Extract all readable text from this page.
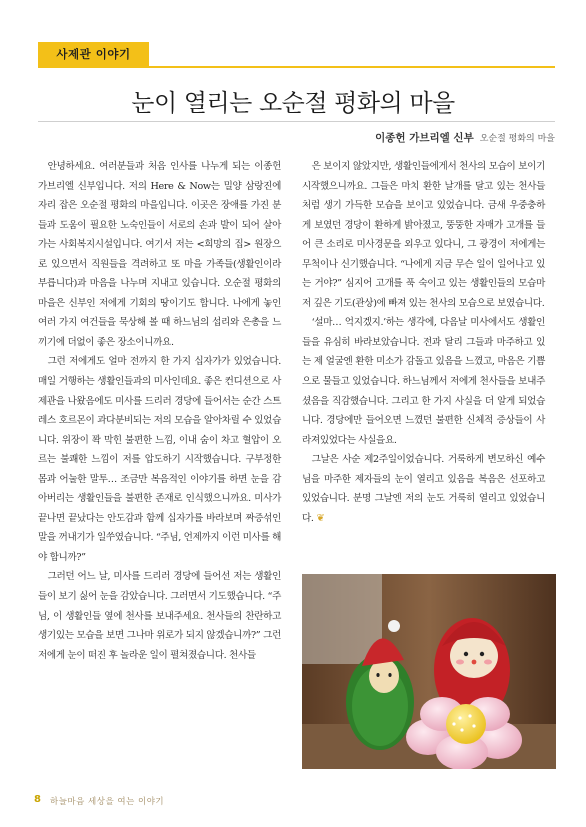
사제관 이야기
눈이 열리는 오순절 평화의 마을
이종헌 가브리엘 신부 오순절 평화의 마을

안녕하세요. 여러분들과 처음 인사를 나누게 되는 이종헌 가브리엘 신부입니다. 저의 Here & Now는 밀양 삼랑진에 자리 잡은 오순절 평화의 마을입니다. 이곳은 장애를 가진 분들과 도움이 필요한 노숙인들이 서로의 손과 발이 되어 살아가는 사회복지시설입니다. 여기서 저는 <희망의 집> 원장으로 있으면서 직원들을 격려하고 또 마을 가족들(생활인이라 부릅니다)과 마음을 나누며 지내고 있습니다. 오순절 평화의 마을은 신부인 저에게 기회의 땅이기도 합니다. 나에게 놓인 여러 가지 여건들을 묵상해 볼 때 하느님의 섭리와 은총을 느끼기에 더없이 좋은 장소이니까요.

그런 저에게도 얼마 전까지 한 가지 십자가가 있었습니다. 매일 거행하는 생활인들과의 미사인데요. 좋은 컨디션으로 사제관을 나왔음에도 미사를 드리러 경당에 들어서는 순간 스트레스 호르몬이 과다분비되는 저의 모습을 알아차릴 수 있었습니다. 위장이 꽉 막힌 불편한 느낌, 이내 숨이 차고 혈압이 오르는 불쾌한 느낌이 저를 압도하기 시작했습니다. 구부정한 몸과 어눌한 말투… 조금만 복음적인 이야기를 하면 눈을 감아버리는 생활인들을 불편한 존재로 인식했으니까요. 미사가 끝나면 끝났다는 안도감과 함께 십자가를 바라보며 짜증섞인 말을 꺼내기가 일쑤였습니다. “주님, 언제까지 이런 미사를 해야 합니까?”

그러던 어느 날, 미사를 드리러 경당에 들어선 저는 생활인들이 보기 싫어 눈을 감았습니다. 그러면서 기도했습니다. “주님, 이 생활인들 옆에 천사를 보내주세요. 천사들의 찬란하고 생기있는 모습을 보면 그나마 위로가 되지 않겠습니까?” 그런 저에게 눈이 떠진 후 놀라운 일이 펼쳐졌습니다. 천사들

은 보이지 않았지만, 생활인들에게서 천사의 모습이 보이기 시작했으니까요. 그들은 마치 환한 날개를 달고 있는 천사들처럼 생기 가득한 모습을 보이고 있었습니다. 금새 우중충하게 보였던 경당이 환하게 밝아졌고, 뚱뚱한 자매가 고개를 들어 큰 소리로 미사경문을 외우고 있다니, 그 광경이 저에게는 무척이나 신기했습니다. “나에게 지금 무슨 일이 일어나고 있는 거야?” 심지어 고개를 푹 숙이고 있는 생활인들의 모습마저 깊은 기도(관상)에 빠져 있는 천사의 모습으로 보였습니다.

‘설마… 억지겠지.’하는 생각에, 다음날 미사에서도 생활인들을 유심히 바라보았습니다. 전과 달리 그들과 마주하고 있는 제 얼굴엔 환한 미소가 감돌고 있음을 느꼈고, 마음은 기쁨으로 물들고 있었습니다. 하느님께서 저에게 천사들을 보내주셨음을 직감했습니다. 그리고 한 가지 사실을 더 알게 되었습니다. 경당에만 들어오면 느꼈던 불편한 신체적 증상들이 사라져있었다는 사실을요.

그날은 사순 제2주일이었습니다. 거룩하게 변모하신 예수님을 마주한 제자들의 눈이 열리고 있음을 복음은 선포하고 있었습니다. 분명 그날엔 저의 눈도 거룩히 열리고 있었습니다. ❦

8 하늘마음 세상을 여는 이야기
